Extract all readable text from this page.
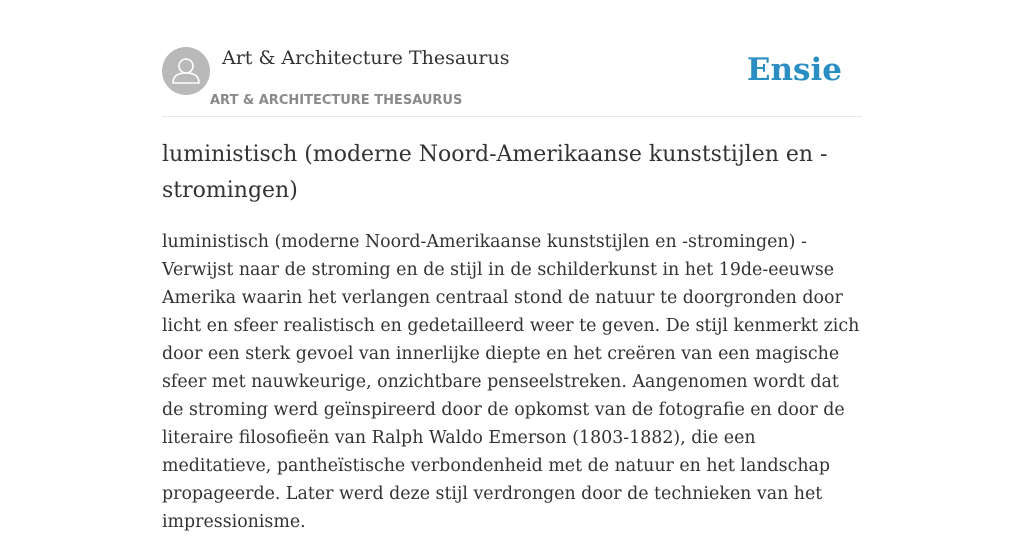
Art & Architecture Thesaurus
ART & ARCHITECTURE THESAURUS
Ensie
luministisch (moderne Noord-Amerikaanse kunststijlen en -stromingen)

luministisch (moderne Noord-Amerikaanse kunststijlen en -stromingen) - Verwijst naar de stroming en de stijl in de schilderkunst in het 19de-eeuwse Amerika waarin het verlangen centraal stond de natuur te doorgronden door licht en sfeer realistisch en gedetailleerd weer te geven. De stijl kenmerkt zich door een sterk gevoel van innerlijke diepte en het creëren van een magische sfeer met nauwkeurige, onzichtbare penseelstreken. Aangenomen wordt dat de stroming werd geïnspireerd door de opkomst van de fotografie en door de literaire filosofieën van Ralph Waldo Emerson (1803-1882), die een meditatieve, pantheïstische verbondenheid met de natuur en het landschap propageerde. Later werd deze stijl verdrongen door de technieken van het impressionisme.
